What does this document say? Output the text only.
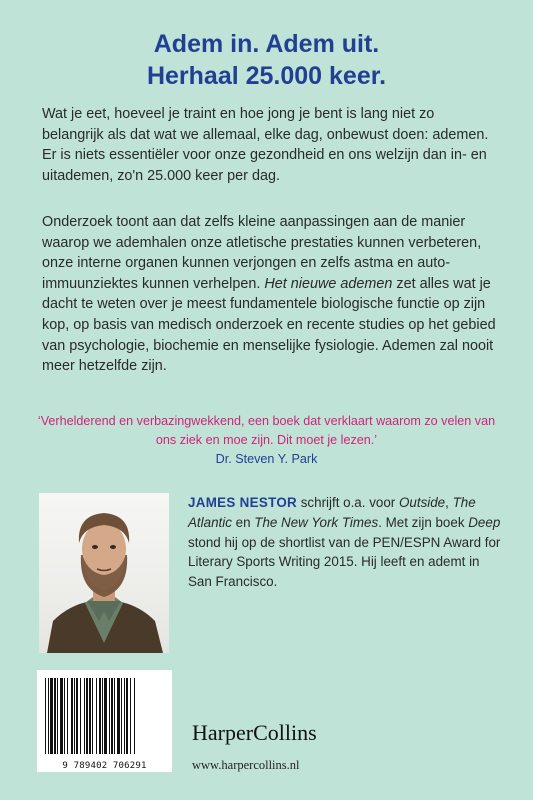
Adem in. Adem uit.
Herhaal 25.000 keer.

Wat je eet, hoeveel je traint en hoe jong je bent is lang niet zo belangrijk als dat wat we allemaal, elke dag, onbewust doen: ademen. Er is niets essentiëler voor onze gezondheid en ons welzijn dan in- en uitademen, zo'n 25.000 keer per dag.

Onderzoek toont aan dat zelfs kleine aanpassingen aan de manier waarop we ademhalen onze atletische prestaties kunnen verbeteren, onze interne organen kunnen verjongen en zelfs astma en auto-immuunziektes kunnen verhelpen. Het nieuwe ademen zet alles wat je dacht te weten over je meest fundamentele biologische functie op zijn kop, op basis van medisch onderzoek en recente studies op het gebied van psychologie, biochemie en menselijke fysiologie. Ademen zal nooit meer hetzelfde zijn.

‘Verhelderend en verbazingwekkend, een boek dat verklaart waarom zo velen van ons ziek en moe zijn. Dit moet je lezen.’
Dr. Steven Y. Park
JAMES NESTOR schrijft o.a. voor Outside, The Atlantic en The New York Times. Met zijn boek Deep stond hij op de shortlist van de PEN/ESPN Award for Literary Sports Writing 2015. Hij leeft en ademt in San Francisco.
9 789402 706291
HarperCollins
www.harpercollins.nl
